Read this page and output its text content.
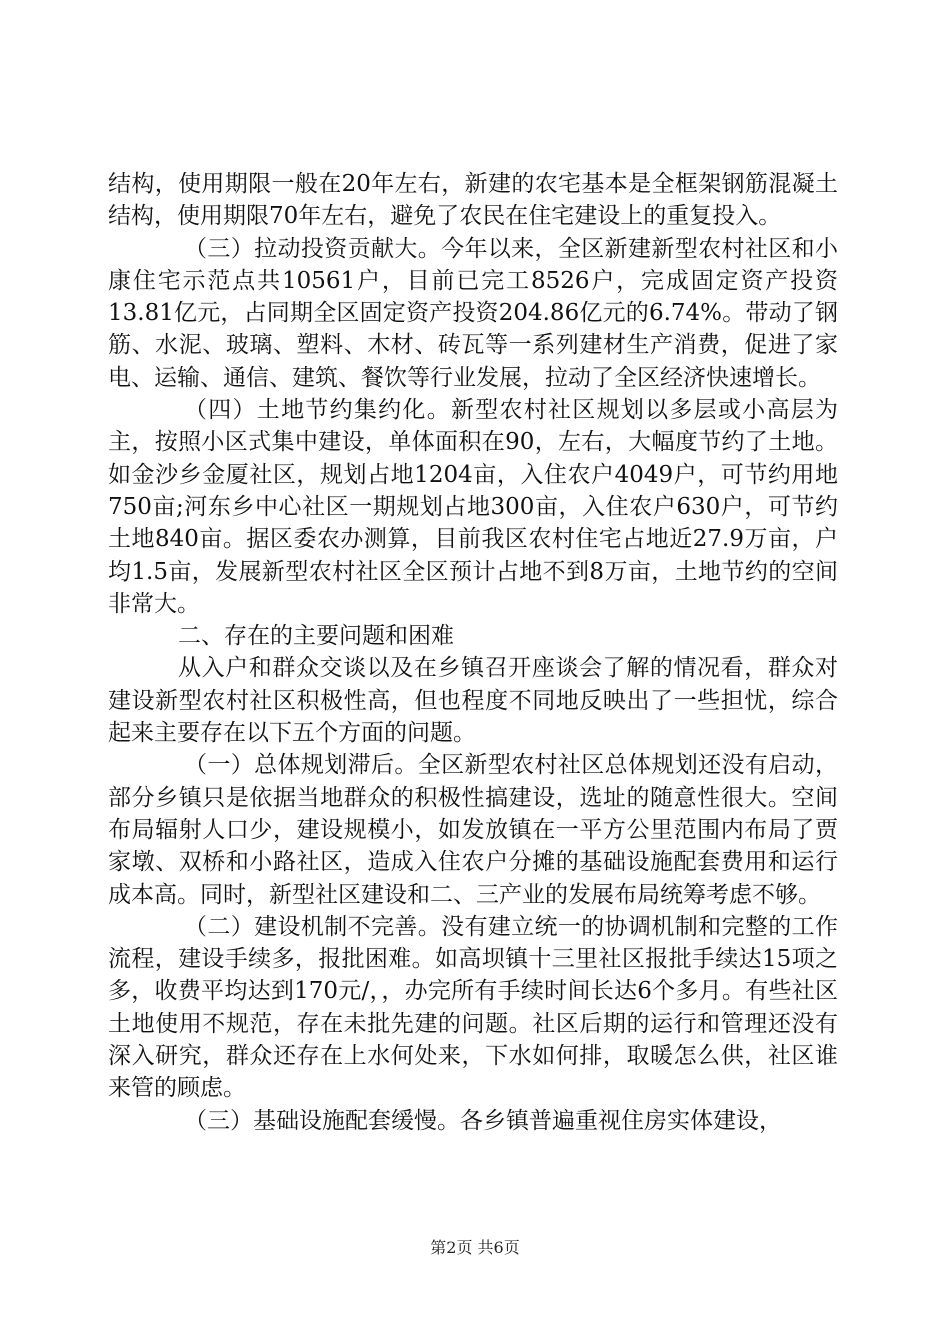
结构，使用期限一般在20年左右，新建的农宅基本是全框架钢筋混凝土结构，使用期限70年左右，避免了农民在住宅建设上的重复投入。

（三）拉动投资贡献大。今年以来，全区新建新型农村社区和小康住宅示范点共10561户，目前已完工8526户，完成固定资产投资13.81亿元，占同期全区固定资产投资204.86亿元的6.74%。带动了钢筋、水泥、玻璃、塑料、木材、砖瓦等一系列建材生产消费，促进了家电、运输、通信、建筑、餐饮等行业发展，拉动了全区经济快速增长。

（四）土地节约集约化。新型农村社区规划以多层或小高层为主，按照小区式集中建设，单体面积在90，左右，大幅度节约了土地。如金沙乡金厦社区，规划占地1204亩，入住农户4049户，可节约用地750亩;河东乡中心社区一期规划占地300亩，入住农户630户，可节约土地840亩。据区委农办测算，目前我区农村住宅占地近27.9万亩，户均1.5亩，发展新型农村社区全区预计占地不到8万亩，土地节约的空间非常大。

二、存在的主要问题和困难

从入户和群众交谈以及在乡镇召开座谈会了解的情况看，群众对建设新型农村社区积极性高，但也程度不同地反映出了一些担忧，综合起来主要存在以下五个方面的问题。

（一）总体规划滞后。全区新型农村社区总体规划还没有启动，部分乡镇只是依据当地群众的积极性搞建设，选址的随意性很大。空间布局辐射人口少，建设规模小，如发放镇在一平方公里范围内布局了贾家墩、双桥和小路社区，造成入住农户分摊的基础设施配套费用和运行成本高。同时，新型社区建设和二、三产业的发展布局统筹考虑不够。

（二）建设机制不完善。没有建立统一的协调机制和完整的工作流程，建设手续多，报批困难。如高坝镇十三里社区报批手续达15项之多，收费平均达到170元/，，办完所有手续时间长达6个多月。有些社区土地使用不规范，存在未批先建的问题。社区后期的运行和管理还没有深入研究，群众还存在上水何处来，下水如何排，取暖怎么供，社区谁来管的顾虑。

（三）基础设施配套缓慢。各乡镇普遍重视住房实体建设，

第2页 共6页
